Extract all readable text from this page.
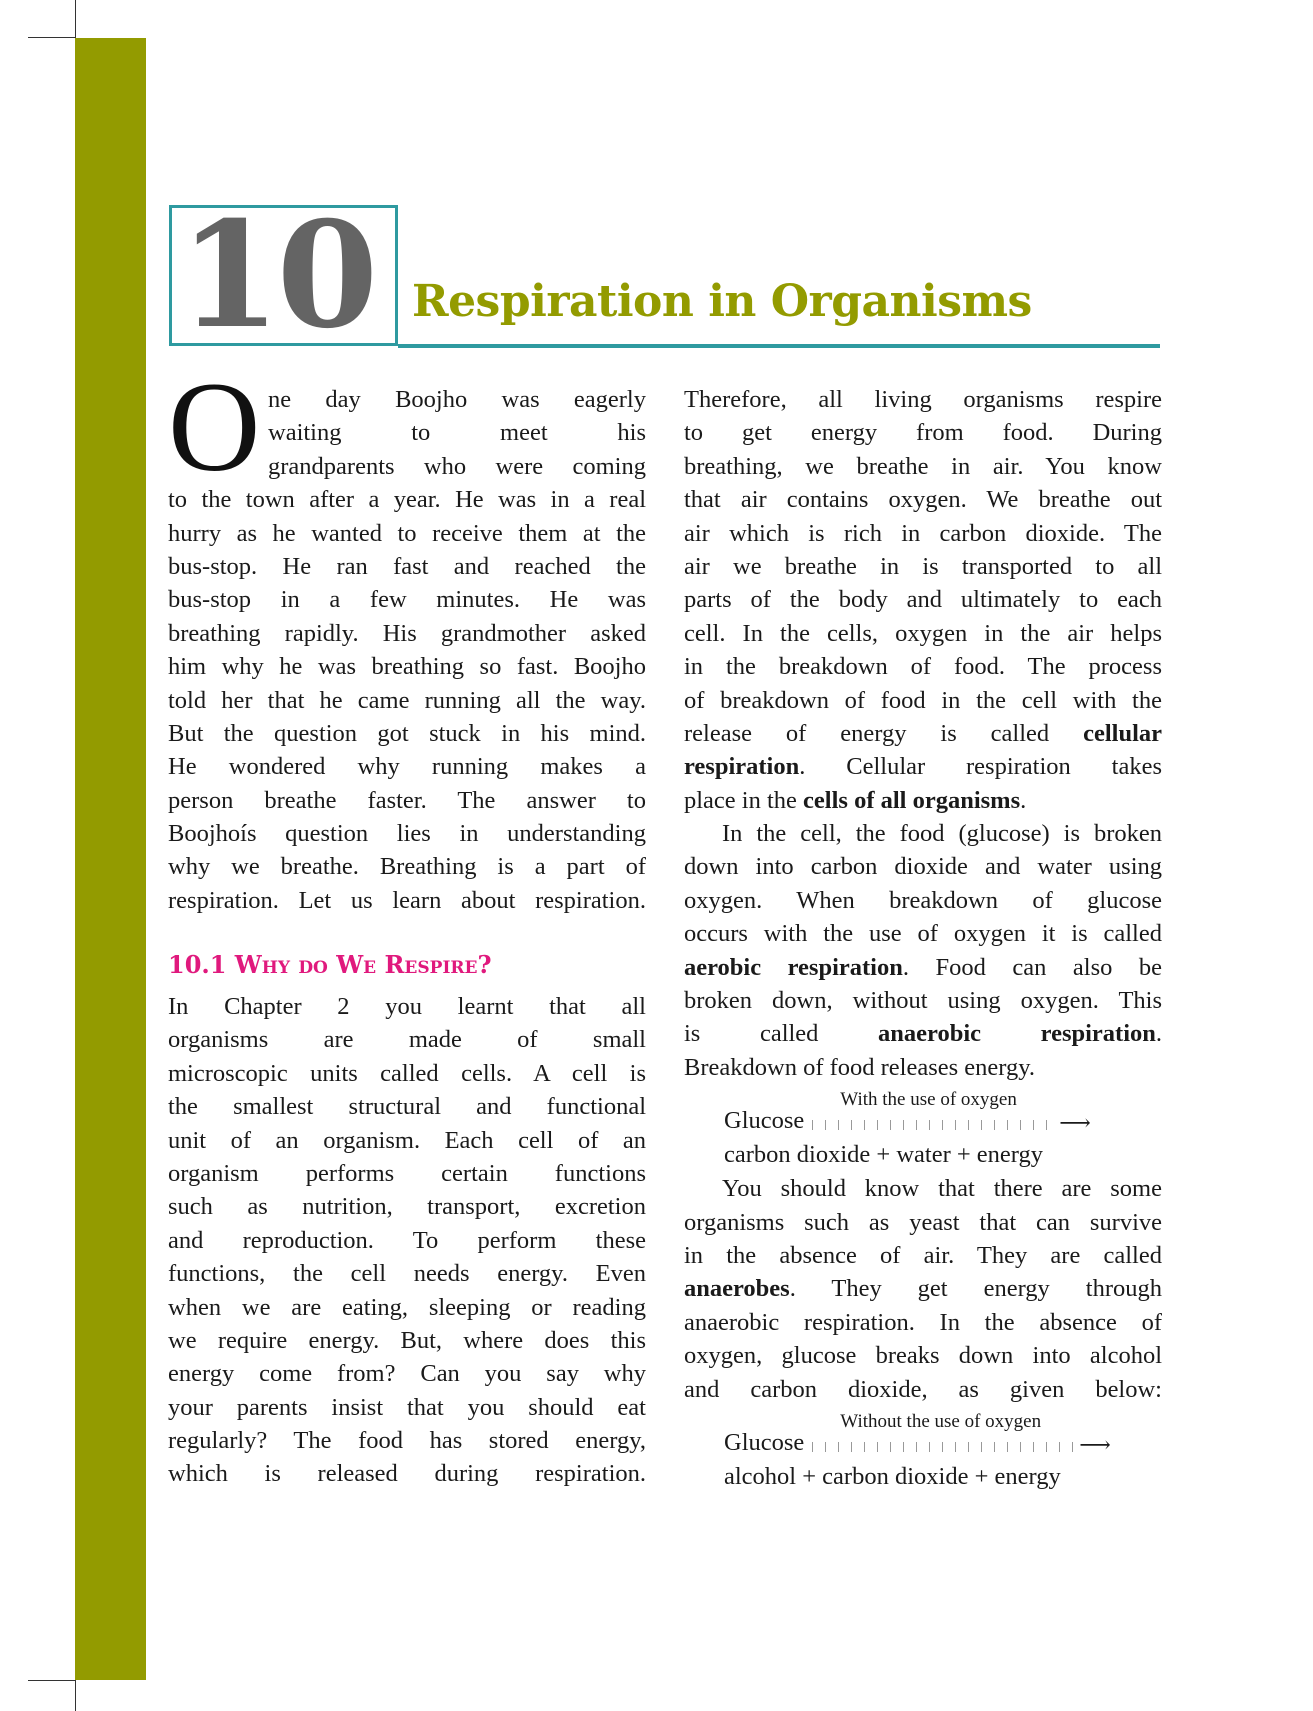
10 Respiration in Organisms
O ne day Boojho was eagerly
waiting to meet his
grandparents who were coming
to the town after a year. He was in a real
hurry as he wanted to receive them at the
bus-stop. He ran fast and reached the
bus-stop in a few minutes. He was
breathing rapidly. His grandmother asked
him why he was breathing so fast. Boojho
told her that he came running all the way.
But the question got stuck in his mind.
He wondered why running makes a
person breathe faster. The answer to
Boojhoís question lies in understanding
why we breathe. Breathing is a part of
respiration. Let us learn about respiration.
10.1 Why do We Respire?
In Chapter 2 you learnt that all
organisms are made of small
microscopic units called cells. A cell is
the smallest structural and functional
unit of an organism. Each cell of an
organism performs certain functions
such as nutrition, transport, excretion
and reproduction. To perform these
functions, the cell needs energy. Even
when we are eating, sleeping or reading
we require energy. But, where does this
energy come from? Can you say why
your parents insist that you should eat
regularly? The food has stored energy,
which is released during respiration.
Therefore, all living organisms respire
to get energy from food. During
breathing, we breathe in air. You know
that air contains oxygen. We breathe out
air which is rich in carbon dioxide. The
air we breathe in is transported to all
parts of the body and ultimately to each
cell. In the cells, oxygen in the air helps
in the breakdown of food. The process
of breakdown of food in the cell with the
release of energy is called cellular
respiration. Cellular respiration takes
place in the cells of all organisms.
In the cell, the food (glucose) is broken
down into carbon dioxide and water using
oxygen. When breakdown of glucose
occurs with the use of oxygen it is called
aerobic respiration. Food can also be
broken down, without using oxygen. This
is called anaerobic respiration.
Breakdown of food releases energy.
Glucose
With the use of oxygen
⟶
carbon dioxide + water + energy
You should know that there are some
organisms such as yeast that can survive
in the absence of air. They are called
anaerobes. They get energy through
anaerobic respiration. In the absence of
oxygen, glucose breaks down into alcohol
and carbon dioxide, as given below:
Glucose
Without the use of oxygen
⟶
alcohol + carbon dioxide + energy
